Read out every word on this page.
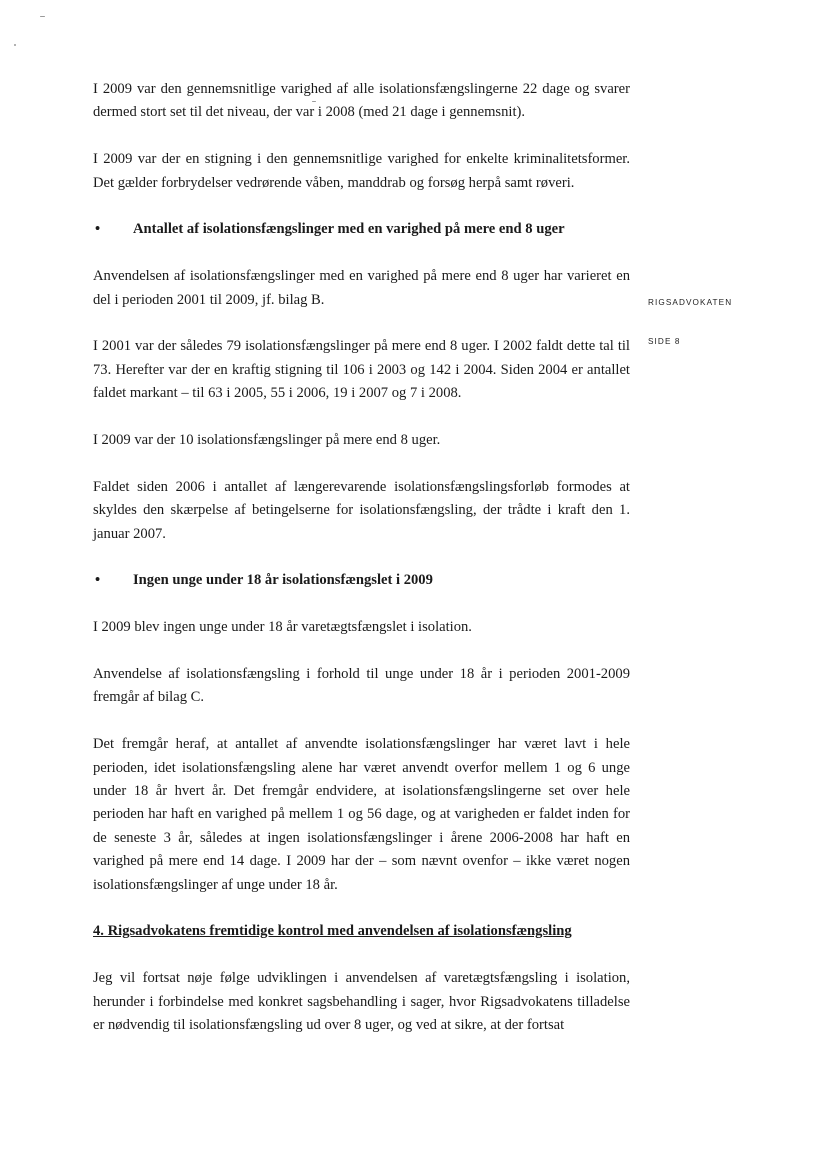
I 2009 var den gennemsnitlige varighed af alle isolationsfængslingerne 22 dage og svarer dermed stort set til det niveau, der var i 2008 (med 21 dage i gennemsnit).

I 2009 var der en stigning i den gennemsnitlige varighed for enkelte kriminalitetsformer. Det gælder forbrydelser vedrørende våben, manddrab og forsøg herpå samt røveri.

• Antallet af isolationsfængslinger med en varighed på mere end 8 uger

Anvendelsen af isolationsfængslinger med en varighed på mere end 8 uger har varieret en del i perioden 2001 til 2009, jf. bilag B.

I 2001 var der således 79 isolationsfængslinger på mere end 8 uger. I 2002 faldt dette tal til 73. Herefter var der en kraftig stigning til 106 i 2003 og 142 i 2004. Siden 2004 er antallet faldet markant – til 63 i 2005, 55 i 2006, 19 i 2007 og 7 i 2008.

I 2009 var der 10 isolationsfængslinger på mere end 8 uger.

Faldet siden 2006 i antallet af længerevarende isolationsfængslingsforløb formodes at skyldes den skærpelse af betingelserne for isolationsfængsling, der trådte i kraft den 1. januar 2007.

• Ingen unge under 18 år isolationsfængslet i 2009

I 2009 blev ingen unge under 18 år varetægtsfængslet i isolation.

Anvendelse af isolationsfængsling i forhold til unge under 18 år i perioden 2001-2009 fremgår af bilag C.

Det fremgår heraf, at antallet af anvendte isolationsfængslinger har været lavt i hele perioden, idet isolationsfængsling alene har været anvendt overfor mellem 1 og 6 unge under 18 år hvert år. Det fremgår endvidere, at isolationsfængslingerne set over hele perioden har haft en varighed på mellem 1 og 56 dage, og at varigheden er faldet inden for de seneste 3 år, således at ingen isolationsfængslinger i årene 2006-2008 har haft en varighed på mere end 14 dage. I 2009 har der – som nævnt ovenfor – ikke været nogen isolationsfængslinger af unge under 18 år.

4. Rigsadvokatens fremtidige kontrol med anvendelsen af isolationsfængsling

Jeg vil fortsat nøje følge udviklingen i anvendelsen af varetægtsfængsling i isolation, herunder i forbindelse med konkret sagsbehandling i sager, hvor Rigsadvokatens tilladelse er nødvendig til isolationsfængsling ud over 8 uger, og ved at sikre, at der fortsat

RIGSADVOKATEN
SIDE 8
